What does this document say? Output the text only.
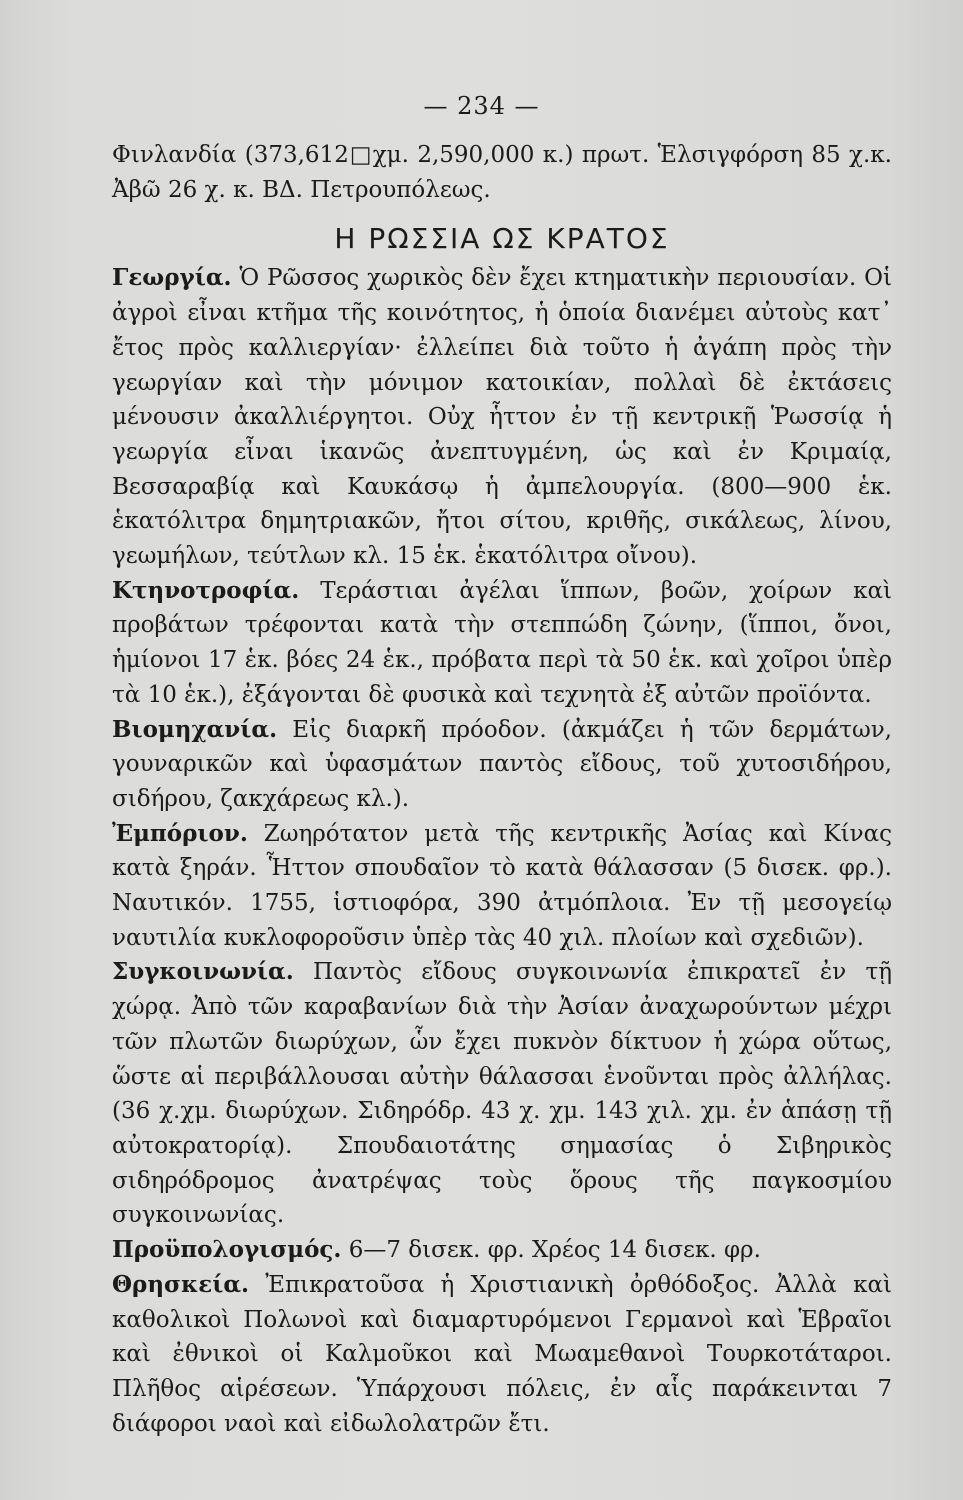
— 234 —

Φινλανδία (373,612□χμ. 2,590,000 κ.) πρωτ. Ἑλσιγφόρση 85 χ.κ. Ἀβῶ 26 χ. κ. ΒΔ. Πετρουπόλεως.

Η ΡΩΣΣΙΑ ΩΣ ΚΡΑΤΟΣ

Γεωργία. Ὁ Ρῶσσος χωρικὸς δὲν ἔχει κτηματικὴν περιουσίαν. Οἱ ἀγροὶ εἶναι κτῆμα τῆς κοινότητος, ἡ ὁποία διανέμει αὐτοὺς κατ᾽ ἔτος πρὸς καλλιεργίαν· ἐλλείπει διὰ τοῦτο ἡ ἀγάπη πρὸς τὴν γεωργίαν καὶ τὴν μόνιμον κατοικίαν, πολλαὶ δὲ ἐκτάσεις μένουσιν ἀκαλλιέργητοι. Οὐχ ἧττον ἐν τῇ κεντρικῇ Ῥωσσίᾳ ἡ γεωργία εἶναι ἱκανῶς ἀνεπτυγμένη, ὡς καὶ ἐν Κριμαίᾳ, Βεσσαραβίᾳ καὶ Καυκάσῳ ἡ ἀμπελουργία. (800—900 ἑκ. ἑκατόλιτρα δημητριακῶν, ἤτοι σίτου, κριθῆς, σικάλεως, λίνου, γεωμήλων, τεύτλων κλ. 15 ἑκ. ἑκατόλιτρα οἴνου).

Κτηνοτροφία. Τεράστιαι ἀγέλαι ἵππων, βοῶν, χοίρων καὶ προβάτων τρέφονται κατὰ τὴν στεππώδη ζώνην, (ἵπποι, ὄνοι, ἡμίονοι 17 ἑκ. βόες 24 ἑκ., πρόβατα περὶ τὰ 50 ἑκ. καὶ χοῖροι ὑπὲρ τὰ 10 ἑκ.), ἐξάγονται δὲ φυσικὰ καὶ τεχνητὰ ἐξ αὐτῶν προϊόντα.

Βιομηχανία. Εἰς διαρκῆ πρόοδον. (ἀκμάζει ἡ τῶν δερμάτων, γουναρικῶν καὶ ὑφασμάτων παντὸς εἴδους, τοῦ χυτοσιδήρου, σιδήρου, ζακχάρεως κλ.).

Ἐμπόριον. Ζωηρότατον μετὰ τῆς κεντρικῆς Ἀσίας καὶ Κίνας κατὰ ξηράν. Ἧττον σπουδαῖον τὸ κατὰ θάλασσαν (5 δισεκ. φρ.). Ναυτικόν. 1755, ἱστιοφόρα, 390 ἀτμόπλοια. Ἐν τῇ μεσογείῳ ναυτιλία κυκλοφοροῦσιν ὑπὲρ τὰς 40 χιλ. πλοίων καὶ σχεδιῶν).

Συγκοινωνία. Παντὸς εἴδους συγκοινωνία ἐπικρατεῖ ἐν τῇ χώρᾳ. Ἀπὸ τῶν καραβανίων διὰ τὴν Ἀσίαν ἀναχωρούντων μέχρι τῶν πλωτῶν διωρύχων, ὧν ἔχει πυκνὸν δίκτυον ἡ χώρα οὕτως, ὥστε αἱ περιβάλλουσαι αὐτὴν θάλασσαι ἑνοῦνται πρὸς ἀλλήλας. (36 χ.χμ. διωρύχων. Σιδηρόδρ. 43 χ. χμ. 143 χιλ. χμ. ἐν ἁπάσῃ τῇ αὐτοκρατορίᾳ). Σπουδαιοτάτης σημασίας ὁ Σιβηρικὸς σιδηρόδρομος ἀνατρέψας τοὺς ὅρους τῆς παγκοσμίου συγκοινωνίας.

Προϋπολογισμός. 6—7 δισεκ. φρ. Χρέος 14 δισεκ. φρ.

Θρησκεία. Ἐπικρατοῦσα ἡ Χριστιανικὴ ὀρθόδοξος. Ἀλλὰ καὶ καθολικοὶ Πολωνοὶ καὶ διαμαρτυρόμενοι Γερμανοὶ καὶ Ἑβραῖοι καὶ ἐθνικοὶ οἱ Καλμοῦκοι καὶ Μωαμεθανοὶ Τουρκοτάταροι. Πλῆθος αἱρέσεων. Ὑπάρχουσι πόλεις, ἐν αἷς παράκεινται 7 διάφοροι ναοὶ καὶ εἰδωλολατρῶν ἔτι.
